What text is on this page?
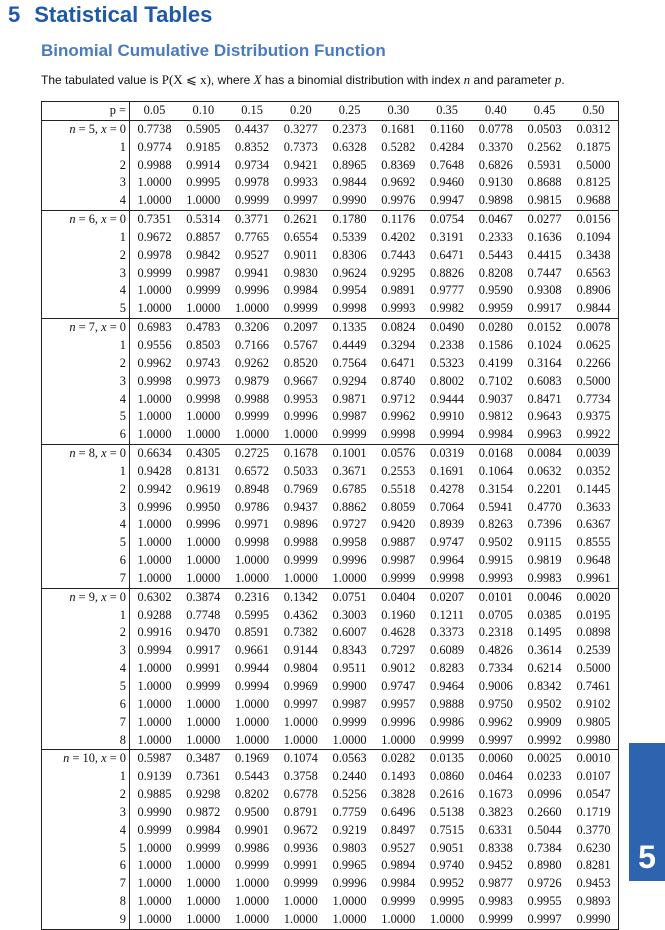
5 Statistical Tables
Binomial Cumulative Distribution Function
The tabulated value is P(X ⩽ x), where X has a binomial distribution with index n and parameter p.
p =	0.05	0.10	0.15	0.20	0.25	0.30	0.35	0.40	0.45	0.50
n = 5, x = 0	0.7738	0.5905	0.4437	0.3277	0.2373	0.1681	0.1160	0.0778	0.0503	0.0312
1	0.9774	0.9185	0.8352	0.7373	0.6328	0.5282	0.4284	0.3370	0.2562	0.1875
2	0.9988	0.9914	0.9734	0.9421	0.8965	0.8369	0.7648	0.6826	0.5931	0.5000
3	1.0000	0.9995	0.9978	0.9933	0.9844	0.9692	0.9460	0.9130	0.8688	0.8125
4	1.0000	1.0000	0.9999	0.9997	0.9990	0.9976	0.9947	0.9898	0.9815	0.9688
n = 6, x = 0	0.7351	0.5314	0.3771	0.2621	0.1780	0.1176	0.0754	0.0467	0.0277	0.0156
1	0.9672	0.8857	0.7765	0.6554	0.5339	0.4202	0.3191	0.2333	0.1636	0.1094
2	0.9978	0.9842	0.9527	0.9011	0.8306	0.7443	0.6471	0.5443	0.4415	0.3438
3	0.9999	0.9987	0.9941	0.9830	0.9624	0.9295	0.8826	0.8208	0.7447	0.6563
4	1.0000	0.9999	0.9996	0.9984	0.9954	0.9891	0.9777	0.9590	0.9308	0.8906
5	1.0000	1.0000	1.0000	0.9999	0.9998	0.9993	0.9982	0.9959	0.9917	0.9844
n = 7, x = 0	0.6983	0.4783	0.3206	0.2097	0.1335	0.0824	0.0490	0.0280	0.0152	0.0078
1	0.9556	0.8503	0.7166	0.5767	0.4449	0.3294	0.2338	0.1586	0.1024	0.0625
2	0.9962	0.9743	0.9262	0.8520	0.7564	0.6471	0.5323	0.4199	0.3164	0.2266
3	0.9998	0.9973	0.9879	0.9667	0.9294	0.8740	0.8002	0.7102	0.6083	0.5000
4	1.0000	0.9998	0.9988	0.9953	0.9871	0.9712	0.9444	0.9037	0.8471	0.7734
5	1.0000	1.0000	0.9999	0.9996	0.9987	0.9962	0.9910	0.9812	0.9643	0.9375
6	1.0000	1.0000	1.0000	1.0000	0.9999	0.9998	0.9994	0.9984	0.9963	0.9922
n = 8, x = 0	0.6634	0.4305	0.2725	0.1678	0.1001	0.0576	0.0319	0.0168	0.0084	0.0039
1	0.9428	0.8131	0.6572	0.5033	0.3671	0.2553	0.1691	0.1064	0.0632	0.0352
2	0.9942	0.9619	0.8948	0.7969	0.6785	0.5518	0.4278	0.3154	0.2201	0.1445
3	0.9996	0.9950	0.9786	0.9437	0.8862	0.8059	0.7064	0.5941	0.4770	0.3633
4	1.0000	0.9996	0.9971	0.9896	0.9727	0.9420	0.8939	0.8263	0.7396	0.6367
5	1.0000	1.0000	0.9998	0.9988	0.9958	0.9887	0.9747	0.9502	0.9115	0.8555
6	1.0000	1.0000	1.0000	0.9999	0.9996	0.9987	0.9964	0.9915	0.9819	0.9648
7	1.0000	1.0000	1.0000	1.0000	1.0000	0.9999	0.9998	0.9993	0.9983	0.9961
n = 9, x = 0	0.6302	0.3874	0.2316	0.1342	0.0751	0.0404	0.0207	0.0101	0.0046	0.0020
1	0.9288	0.7748	0.5995	0.4362	0.3003	0.1960	0.1211	0.0705	0.0385	0.0195
2	0.9916	0.9470	0.8591	0.7382	0.6007	0.4628	0.3373	0.2318	0.1495	0.0898
3	0.9994	0.9917	0.9661	0.9144	0.8343	0.7297	0.6089	0.4826	0.3614	0.2539
4	1.0000	0.9991	0.9944	0.9804	0.9511	0.9012	0.8283	0.7334	0.6214	0.5000
5	1.0000	0.9999	0.9994	0.9969	0.9900	0.9747	0.9464	0.9006	0.8342	0.7461
6	1.0000	1.0000	1.0000	0.9997	0.9987	0.9957	0.9888	0.9750	0.9502	0.9102
7	1.0000	1.0000	1.0000	1.0000	0.9999	0.9996	0.9986	0.9962	0.9909	0.9805
8	1.0000	1.0000	1.0000	1.0000	1.0000	1.0000	0.9999	0.9997	0.9992	0.9980
n = 10, x = 0	0.5987	0.3487	0.1969	0.1074	0.0563	0.0282	0.0135	0.0060	0.0025	0.0010
1	0.9139	0.7361	0.5443	0.3758	0.2440	0.1493	0.0860	0.0464	0.0233	0.0107
2	0.9885	0.9298	0.8202	0.6778	0.5256	0.3828	0.2616	0.1673	0.0996	0.0547
3	0.9990	0.9872	0.9500	0.8791	0.7759	0.6496	0.5138	0.3823	0.2660	0.1719
4	0.9999	0.9984	0.9901	0.9672	0.9219	0.8497	0.7515	0.6331	0.5044	0.3770
5	1.0000	0.9999	0.9986	0.9936	0.9803	0.9527	0.9051	0.8338	0.7384	0.6230
6	1.0000	1.0000	0.9999	0.9991	0.9965	0.9894	0.9740	0.9452	0.8980	0.8281
7	1.0000	1.0000	1.0000	0.9999	0.9996	0.9984	0.9952	0.9877	0.9726	0.9453
8	1.0000	1.0000	1.0000	1.0000	1.0000	0.9999	0.9995	0.9983	0.9955	0.9893
9	1.0000	1.0000	1.0000	1.0000	1.0000	1.0000	1.0000	0.9999	0.9997	0.9990
5
